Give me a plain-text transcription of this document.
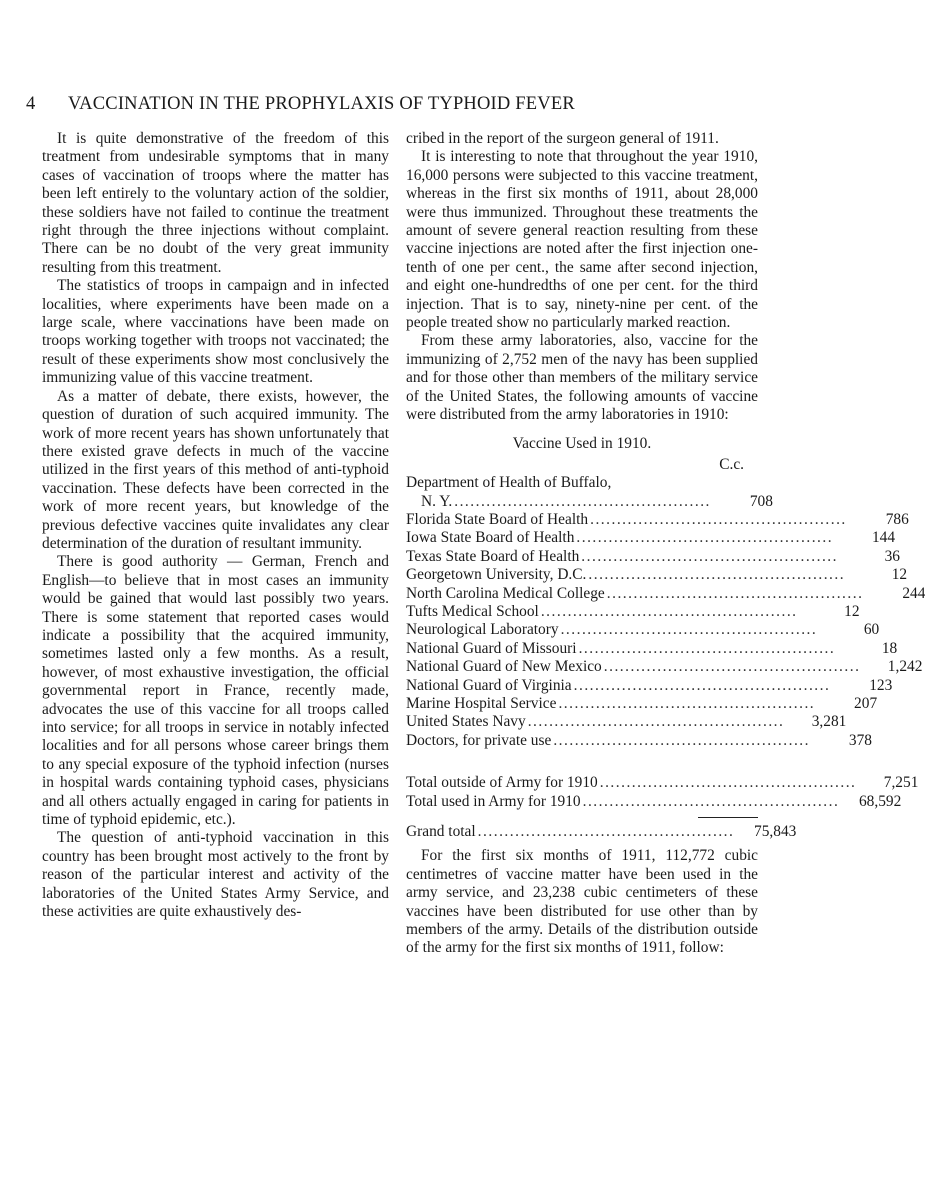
4 VACCINATION IN THE PROPHYLAXIS OF TYPHOID FEVER

It is quite demonstrative of the freedom of this treatment from undesirable symptoms that in many cases of vaccination of troops where the matter has been left entirely to the voluntary action of the soldier, these soldiers have not failed to continue the treatment right through the three injections without complaint. There can be no doubt of the very great immunity resulting from this treatment.

The statistics of troops in campaign and in infected localities, where experiments have been made on a large scale, where vaccinations have been made on troops working together with troops not vaccinated; the result of these experiments show most conclusively the immunizing value of this vaccine treatment.

As a matter of debate, there exists, however, the question of duration of such acquired immunity. The work of more recent years has shown unfortunately that there existed grave defects in much of the vaccine utilized in the first years of this method of anti-typhoid vaccination. These defects have been corrected in the work of more recent years, but knowledge of the previous defective vaccines quite invalidates any clear determination of the duration of resultant immunity.

There is good authority — German, French and English—to believe that in most cases an immunity would be gained that would last possibly two years. There is some statement that reported cases would indicate a possibility that the acquired immunity, sometimes lasted only a few months. As a result, however, of most exhaustive investigation, the official governmental report in France, recently made, advocates the use of this vaccine for all troops called into service; for all troops in service in notably infected localities and for all persons whose career brings them to any special exposure of the typhoid infection (nurses in hospital wards containing typhoid cases, physicians and all others actually engaged in caring for patients in time of typhoid epidemic, etc.).

The question of anti-typhoid vaccination in this country has been brought most actively to the front by reason of the particular interest and activity of the laboratories of the United States Army Service, and these activities are quite exhaustively des-

cribed in the report of the surgeon general of 1911.

It is interesting to note that throughout the year 1910, 16,000 persons were subjected to this vaccine treatment, whereas in the first six months of 1911, about 28,000 were thus immunized. Throughout these treatments the amount of severe general reaction resulting from these vaccine injections are noted after the first injection one-tenth of one per cent., the same after second injection, and eight one-hundredths of one per cent. for the third injection. That is to say, ninety-nine per cent. of the people treated show no particularly marked reaction.

From these army laboratories, also, vaccine for the immunizing of 2,752 men of the navy has been supplied and for those other than members of the military service of the United States, the following amounts of vaccine were distributed from the army laboratories in 1910:

Vaccine Used in 1910.
C.c.
Department of Health of Buffalo,
N. Y. ................................................	708
Florida State Board of Health ................................................	786
Iowa State Board of Health ................................................	144
Texas State Board of Health ................................................	36
Georgetown University, D.C. ................................................	12
North Carolina Medical College ................................................	244
Tufts Medical School ................................................	12
Neurological Laboratory ................................................	60
National Guard of Missouri ................................................	18
National Guard of New Mexico ................................................	1,242
National Guard of Virginia ................................................	123
Marine Hospital Service ................................................	207
United States Navy ................................................	3,281
Doctors, for private use ................................................	378
Total outside of Army for 1910 ................................................	7,251
Total used in Army for 1910 ................................................	68,592
Grand total ................................................	75,843

For the first six months of 1911, 112,772 cubic centimetres of vaccine matter have been used in the army service, and 23,238 cubic centimeters of these vaccines have been distributed for use other than by members of the army. Details of the distribution outside of the army for the first six months of 1911, follow:
